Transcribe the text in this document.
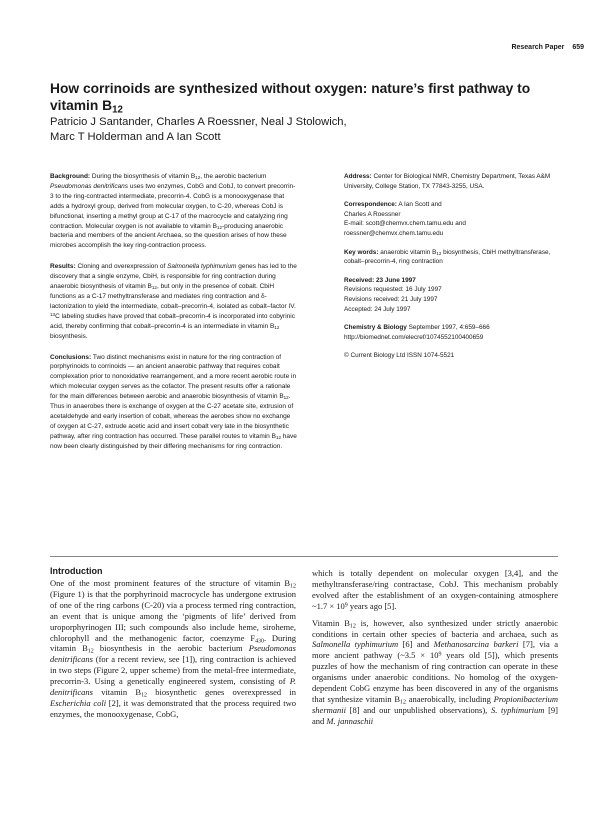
Research Paper 659
How corrinoids are synthesized without oxygen: nature’s first pathway to vitamin $B_{12}$
Patricio J Santander, Charles A Roessner, Neal J Stolowich,
Marc T Holderman and A Ian Scott

Background: During the biosynthesis of vitamin $B_{12}$, the aerobic bacterium Pseudomonas denitrificans uses two enzymes, CobG and CobJ, to convert precorrin-3 to the ring-contracted intermediate, precorrin-4. CobG is a monooxygenase that adds a hydroxyl group, derived from molecular oxygen, to C-20, whereas CobJ is bifunctional, inserting a methyl group at C-17 of the macrocycle and catalyzing ring contraction. Molecular oxygen is not available to vitamin $B_{12}$-producing anaerobic bacteria and members of the ancient Archaea, so the question arises of how these microbes accomplish the key ring-contraction process.

Results: Cloning and overexpression of Salmonella typhimurium genes has led to the discovery that a single enzyme, CbiH, is responsible for ring contraction during anaerobic biosynthesis of vitamin $B_{12}$, but only in the presence of cobalt. CbiH functions as a C-17 methyltransferase and mediates ring contraction and δ-lactonization to yield the intermediate, cobalt–precorrin-4, isolated as cobalt–factor IV. $^{13}$C labeling studies have proved that cobalt–precorrin-4 is incorporated into cobyrinic acid, thereby confirming that cobalt–precorrin-4 is an intermediate in vitamin $B_{12}$ biosynthesis.

Conclusions: Two distinct mechanisms exist in nature for the ring contraction of porphyrinoids to corrinoids — an ancient anaerobic pathway that requires cobalt complexation prior to nonoxidative rearrangement, and a more recent aerobic route in which molecular oxygen serves as the cofactor. The present results offer a rationale for the main differences between aerobic and anaerobic biosynthesis of vitamin $B_{12}$. Thus in anaerobes there is exchange of oxygen at the C-27 acetate site, extrusion of acetaldehyde and early insertion of cobalt, whereas the aerobes show no exchange of oxygen at C-27, extrude acetic acid and insert cobalt very late in the biosynthetic pathway, after ring contraction has occurred. These parallel routes to vitamin $B_{12}$ have now been clearly distinguished by their differing mechanisms for ring contraction.

Address: Center for Biological NMR, Chemistry Department, Texas A&M University, College Station, TX 77843-3255, USA.
Correspondence: A Ian Scott and
Charles A Roessner
E-mail: scott@chemvx.chem.tamu.edu and
roessner@chemvx.chem.tamu.edu
Key words: anaerobic vitamin $B_{12}$ biosynthesis, CbiH methyltransferase, cobalt–precorrin-4, ring contraction
Received: 23 June 1997
Revisions requested: 16 July 1997
Revisions received: 21 July 1997
Accepted: 24 July 1997
Chemistry & Biology September 1997, 4:659–666
http://biomednet.com/elecref/1074552100400659
© Current Biology Ltd ISSN 1074-5521
Introduction

One of the most prominent features of the structure of vitamin $B_{12}$ (Figure 1) is that the porphyrinoid macrocycle has undergone extrusion of one of the ring carbons (C-20) via a process termed ring contraction, an event that is unique among the ‘pigments of life’ derived from uroporphyrinogen III; such compounds also include heme, siroheme, chlorophyll and the methanogenic factor, coenzyme $F_{430}$. During vitamin $B_{12}$ biosynthesis in the aerobic bacterium Pseudomonas denitrificans (for a recent review, see [1]), ring contraction is achieved in two steps (Figure 2, upper scheme) from the metal-free intermediate, precorrin-3. Using a genetically engineered system, consisting of P. denitrificans vitamin $B_{12}$ biosynthetic genes overexpressed in Escherichia coli [2], it was demonstrated that the process required two enzymes, the monooxygenase, CobG,

which is totally dependent on molecular oxygen [3,4], and the methyltransferase/ring contractase, CobJ. This mechanism probably evolved after the establishment of an oxygen-containing atmosphere ~1.7 × $10^9$ years ago [5].

Vitamin $B_{12}$ is, however, also synthesized under strictly anaerobic conditions in certain other species of bacteria and archaea, such as Salmonella typhimurium [6] and Methanosarcina barkeri [7], via a more ancient pathway (~3.5 × $10^9$ years old [5]), which presents puzzles of how the mechanism of ring contraction can operate in these organisms under anaerobic conditions. No homolog of the oxygen-dependent CobG enzyme has been discovered in any of the organisms that synthesize vitamin $B_{12}$ anaerobically, including Propionibacterium shermanii [8] and our unpublished observations), S. typhimurium [9] and M. jannaschii
